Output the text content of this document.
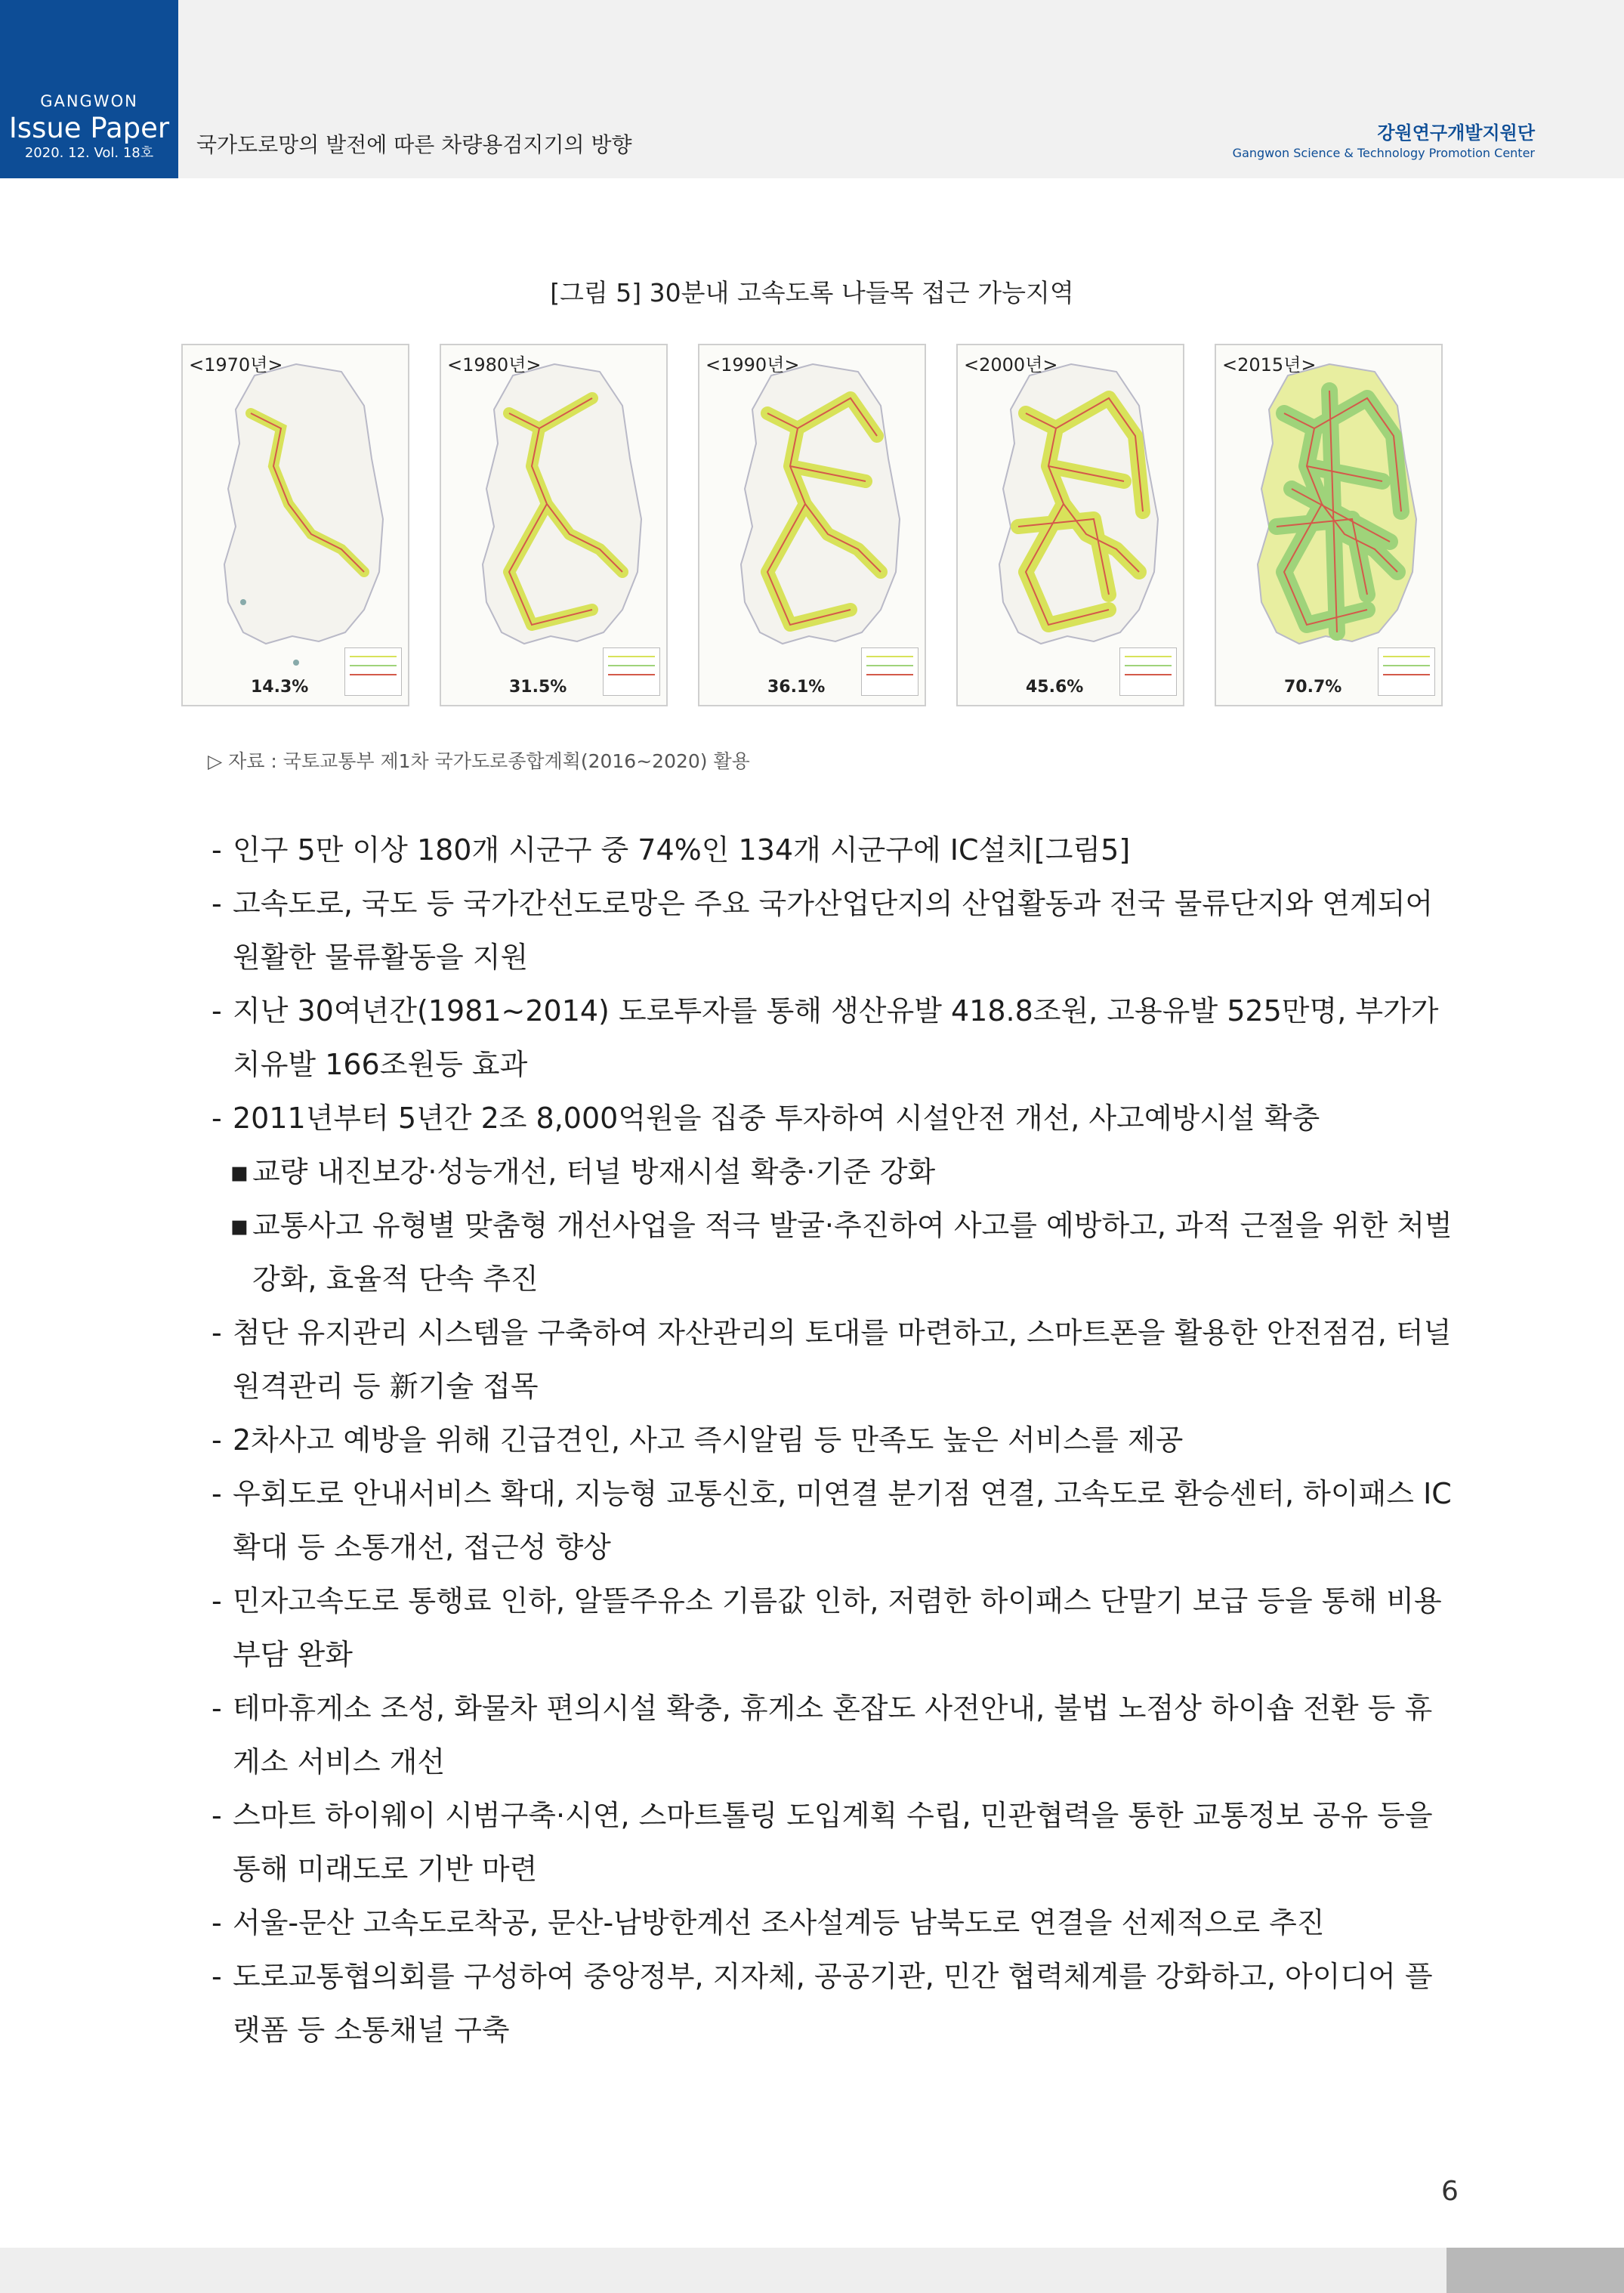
GANGWON
Issue Paper
2020. 12. Vol. 18호	국가도로망의 발전에 따른 차량용검지기의 방향	강원연구개발지원단
Gangwon Science & Technology Promotion Center
[그림 5] 30분내 고속도록 나들목 접근 가능지역
<1970년>
14.3%
<1980년>
31.5%
<1990년>
36.1%
<2000년>
45.6%
<2015년>
70.7%
▷ 자료 : 국토교통부 제1차 국가도로종합계획(2016~2020) 활용
- 인구 5만 이상 180개 시군구 중 74%인 134개 시군구에 IC설치[그림5]
- 고속도로, 국도 등 국가간선도로망은 주요 국가산업단지의 산업활동과 전국 물류단지와 연계되어 원활한 물류활동을 지원
- 지난 30여년간(1981~2014) 도로투자를 통해 생산유발 418.8조원, 고용유발 525만명, 부가가치유발 166조원등 효과
- 2011년부터 5년간 2조 8,000억원을 집중 투자하여 시설안전 개선, 사고예방시설 확충
▪ 교량 내진보강·성능개선, 터널 방재시설 확충·기준 강화
▪ 교통사고 유형별 맞춤형 개선사업을 적극 발굴·추진하여 사고를 예방하고, 과적 근절을 위한 처벌강화, 효율적 단속 추진
- 첨단 유지관리 시스템을 구축하여 자산관리의 토대를 마련하고, 스마트폰을 활용한 안전점검, 터널 원격관리 등 新기술 접목
- 2차사고 예방을 위해 긴급견인, 사고 즉시알림 등 만족도 높은 서비스를 제공
- 우회도로 안내서비스 확대, 지능형 교통신호, 미연결 분기점 연결, 고속도로 환승센터, 하이패스 IC 확대 등 소통개선, 접근성 향상
- 민자고속도로 통행료 인하, 알뜰주유소 기름값 인하, 저렴한 하이패스 단말기 보급 등을 통해 비용부담 완화
- 테마휴게소 조성, 화물차 편의시설 확충, 휴게소 혼잡도 사전안내, 불법 노점상 하이숍 전환 등 휴게소 서비스 개선
- 스마트 하이웨이 시범구축·시연, 스마트톨링 도입계획 수립, 민관협력을 통한 교통정보 공유 등을 통해 미래도로 기반 마련
- 서울-문산 고속도로착공, 문산-남방한계선 조사설계등 남북도로 연결을 선제적으로 추진
- 도로교통협의회를 구성하여 중앙정부, 지자체, 공공기관, 민간 협력체계를 강화하고, 아이디어 플랫폼 등 소통채널 구축
6
